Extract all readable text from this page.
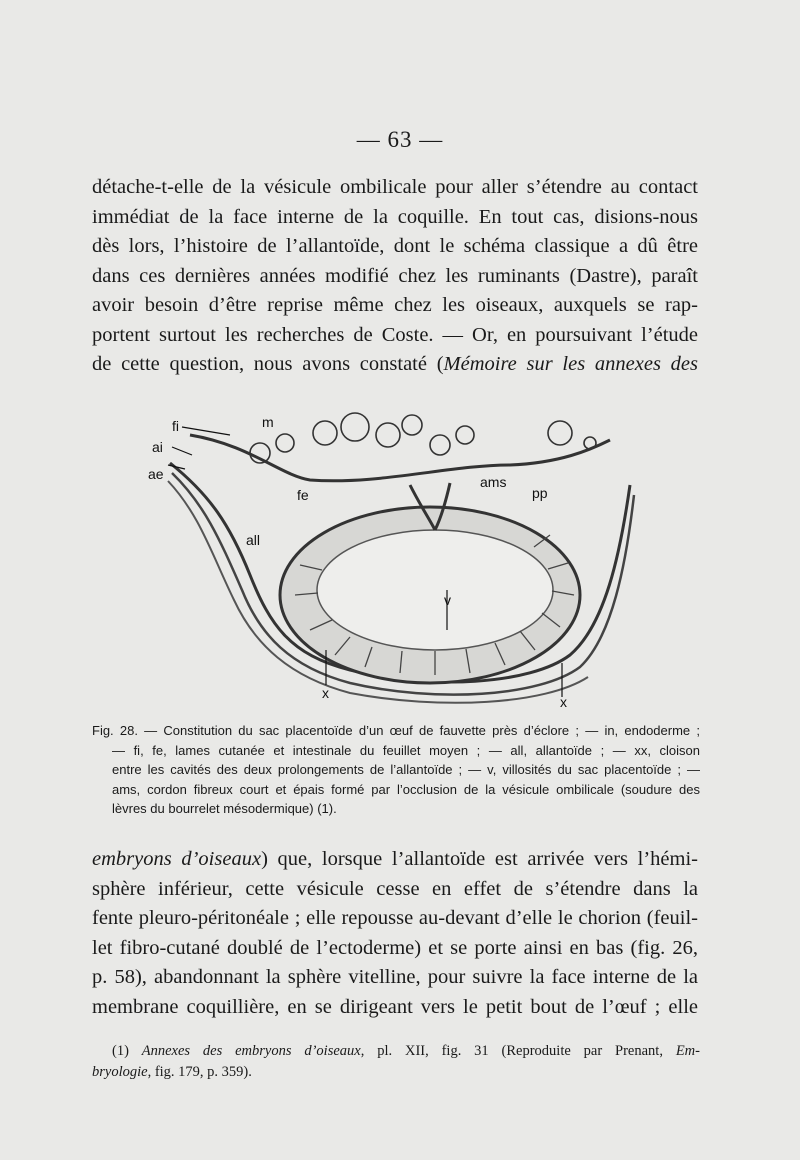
— 63 —
détache-t-elle de la vésicule ombilicale pour aller s’étendre au contact
immédiat de la face interne de la coquille. En tout cas, disions-nous
dès lors, l’histoire de l’allantoïde, dont le schéma classique a dû être
dans ces dernières années modifié chez les ruminants (Dastre), paraît
avoir besoin d’être reprise même chez les oiseaux, auxquels se rap-
portent surtout les recherches de Coste. — Or, en poursuivant l’étude
de cette question, nous avons constaté (Mémoire sur les annexes des
fi	m
ai
ae
fe
all
ams
pp
v
x
x
Fig. 28. — Constitution du sac placentoïde d’un œuf de fauvette près d’éclore ; — in, endoderme ;
— fi, fe, lames cutanée et intestinale du feuillet moyen ; — all, allantoïde ; — xx, cloison
entre les cavités des deux prolongements de l’allantoïde ; — v, villosités du sac placentoïde ; —
ams, cordon fibreux court et épais formé par l’occlusion de la vésicule ombilicale (soudure des
lèvres du bourrelet mésodermique) (1).
embryons d’oiseaux) que, lorsque l’allantoïde est arrivée vers l’hémi-
sphère inférieur, cette vésicule cesse en effet de s’étendre dans la
fente pleuro-péritonéale ; elle repousse au-devant d’elle le chorion (feuil-
let fibro-cutané doublé de l’ectoderme) et se porte ainsi en bas (fig. 26,
p. 58), abandonnant la sphère vitelline, pour suivre la face interne de la
membrane coquillière, en se dirigeant vers le petit bout de l’œuf ; elle
(1) Annexes des embryons d’oiseaux, pl. XII, fig. 31 (Reproduite par Prenant, Em-
bryologie, fig. 179, p. 359).
